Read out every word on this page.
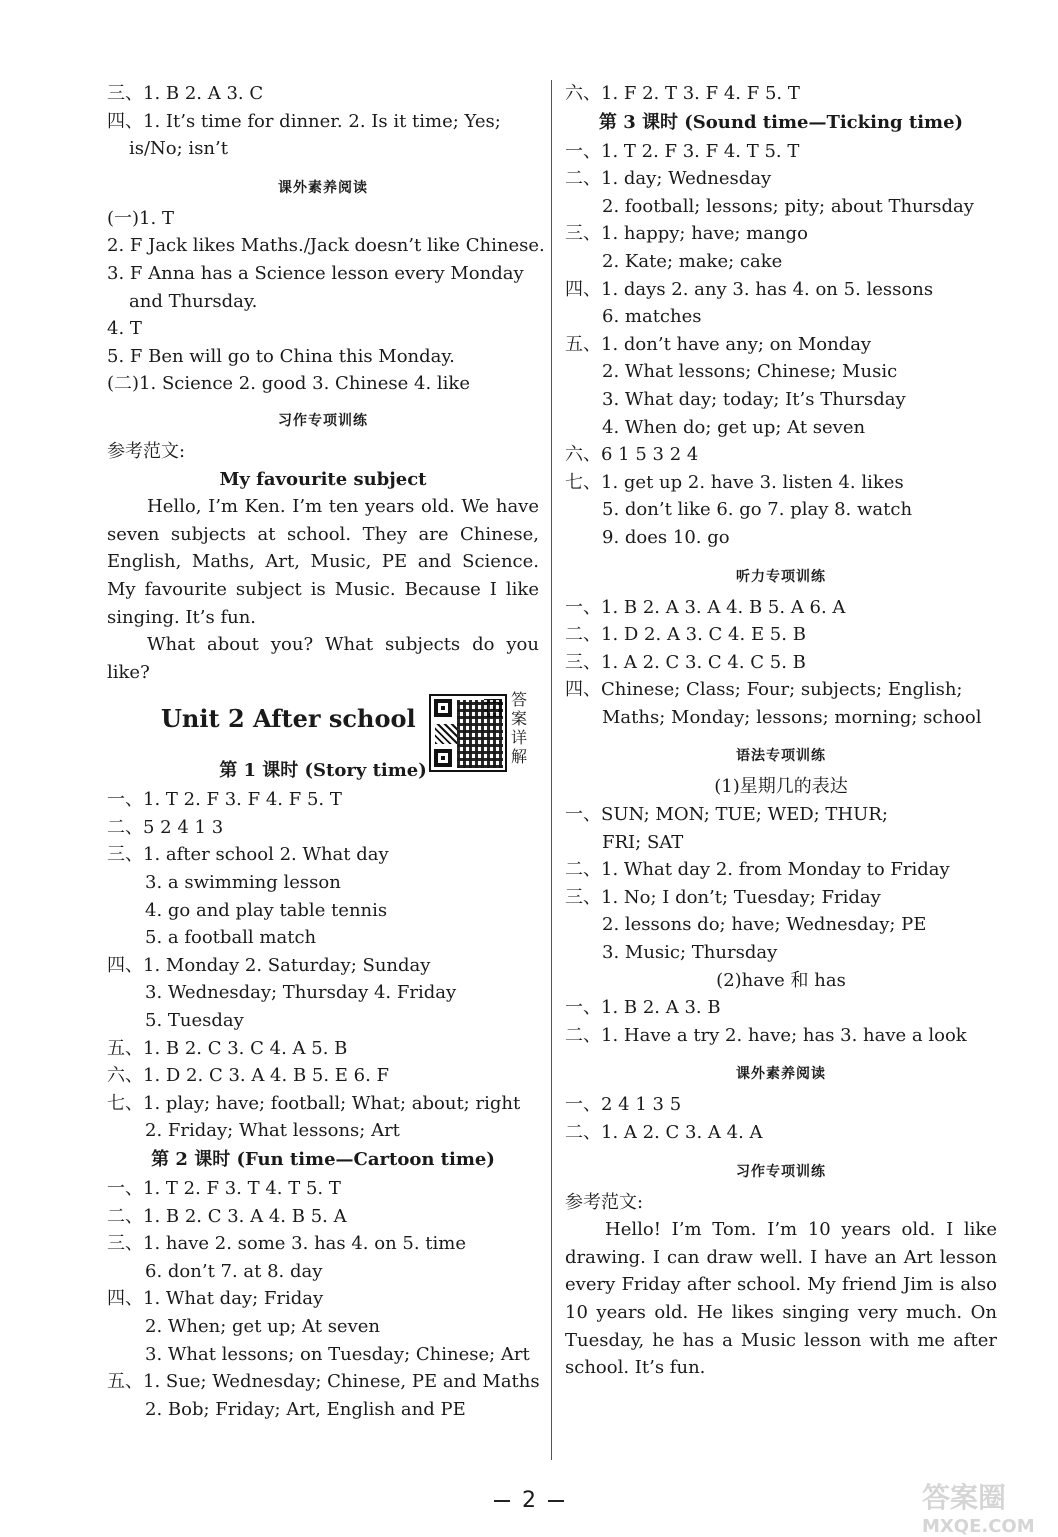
三、1. B 2. A 3. C
四、1. It’s time for dinner. 2. Is it time; Yes;
is/No; isn’t
课外素养阅读
(一)1. T
2. F Jack likes Maths./Jack doesn’t like Chinese.
3. F Anna has a Science lesson every Monday
and Thursday.
4. T
5. F Ben will go to China this Monday.
(二)1. Science 2. good 3. Chinese 4. like
习作专项训练
参考范文:
My favourite subject

Hello, I’m Ken. I’m ten years old. We have seven subjects at school. They are Chinese, English, Maths, Art, Music, PE and Science. My favourite subject is Music. Because I like singing. It’s fun.

What about you? What subjects do you like?

Unit 2 After school
答案详解
第 1 课时 (Story time)
一、1. T 2. F 3. F 4. F 5. T
二、5 2 4 1 3
三、1. after school 2. What day
3. a swimming lesson
4. go and play table tennis
5. a football match
四、1. Monday 2. Saturday; Sunday
3. Wednesday; Thursday 4. Friday
5. Tuesday
五、1. B 2. C 3. C 4. A 5. B
六、1. D 2. C 3. A 4. B 5. E 6. F
七、1. play; have; football; What; about; right
2. Friday; What lessons; Art
第 2 课时 (Fun time—Cartoon time)
一、1. T 2. F 3. T 4. T 5. T
二、1. B 2. C 3. A 4. B 5. A
三、1. have 2. some 3. has 4. on 5. time
6. don’t 7. at 8. day
四、1. What day; Friday
2. When; get up; At seven
3. What lessons; on Tuesday; Chinese; Art
五、1. Sue; Wednesday; Chinese, PE and Maths
2. Bob; Friday; Art, English and PE
六、1. F 2. T 3. F 4. F 5. T
第 3 课时 (Sound time—Ticking time)
一、1. T 2. F 3. F 4. T 5. T
二、1. day; Wednesday
2. football; lessons; pity; about Thursday
三、1. happy; have; mango
2. Kate; make; cake
四、1. days 2. any 3. has 4. on 5. lessons
6. matches
五、1. don’t have any; on Monday
2. What lessons; Chinese; Music
3. What day; today; It’s Thursday
4. When do; get up; At seven
六、6 1 5 3 2 4
七、1. get up 2. have 3. listen 4. likes
5. don’t like 6. go 7. play 8. watch
9. does 10. go
听力专项训练
一、1. B 2. A 3. A 4. B 5. A 6. A
二、1. D 2. A 3. C 4. E 5. B
三、1. A 2. C 3. C 4. C 5. B
四、Chinese; Class; Four; subjects; English;
Maths; Monday; lessons; morning; school
语法专项训练
(1)星期几的表达
一、SUN; MON; TUE; WED; THUR;
FRI; SAT
二、1. What day 2. from Monday to Friday
三、1. No; I don’t; Tuesday; Friday
2. lessons do; have; Wednesday; PE
3. Music; Thursday
(2)have 和 has
一、1. B 2. A 3. B
二、1. Have a try 2. have; has 3. have a look
课外素养阅读
一、2 4 1 3 5
二、1. A 2. C 3. A 4. A
习作专项训练
参考范文:

Hello! I’m Tom. I’m 10 years old. I like drawing. I can draw well. I have an Art lesson every Friday after school. My friend Jim is also 10 years old. He likes singing very much. On Tuesday, he has a Music lesson with me after school. It’s fun.

2	答案圈
MXQE.COM
